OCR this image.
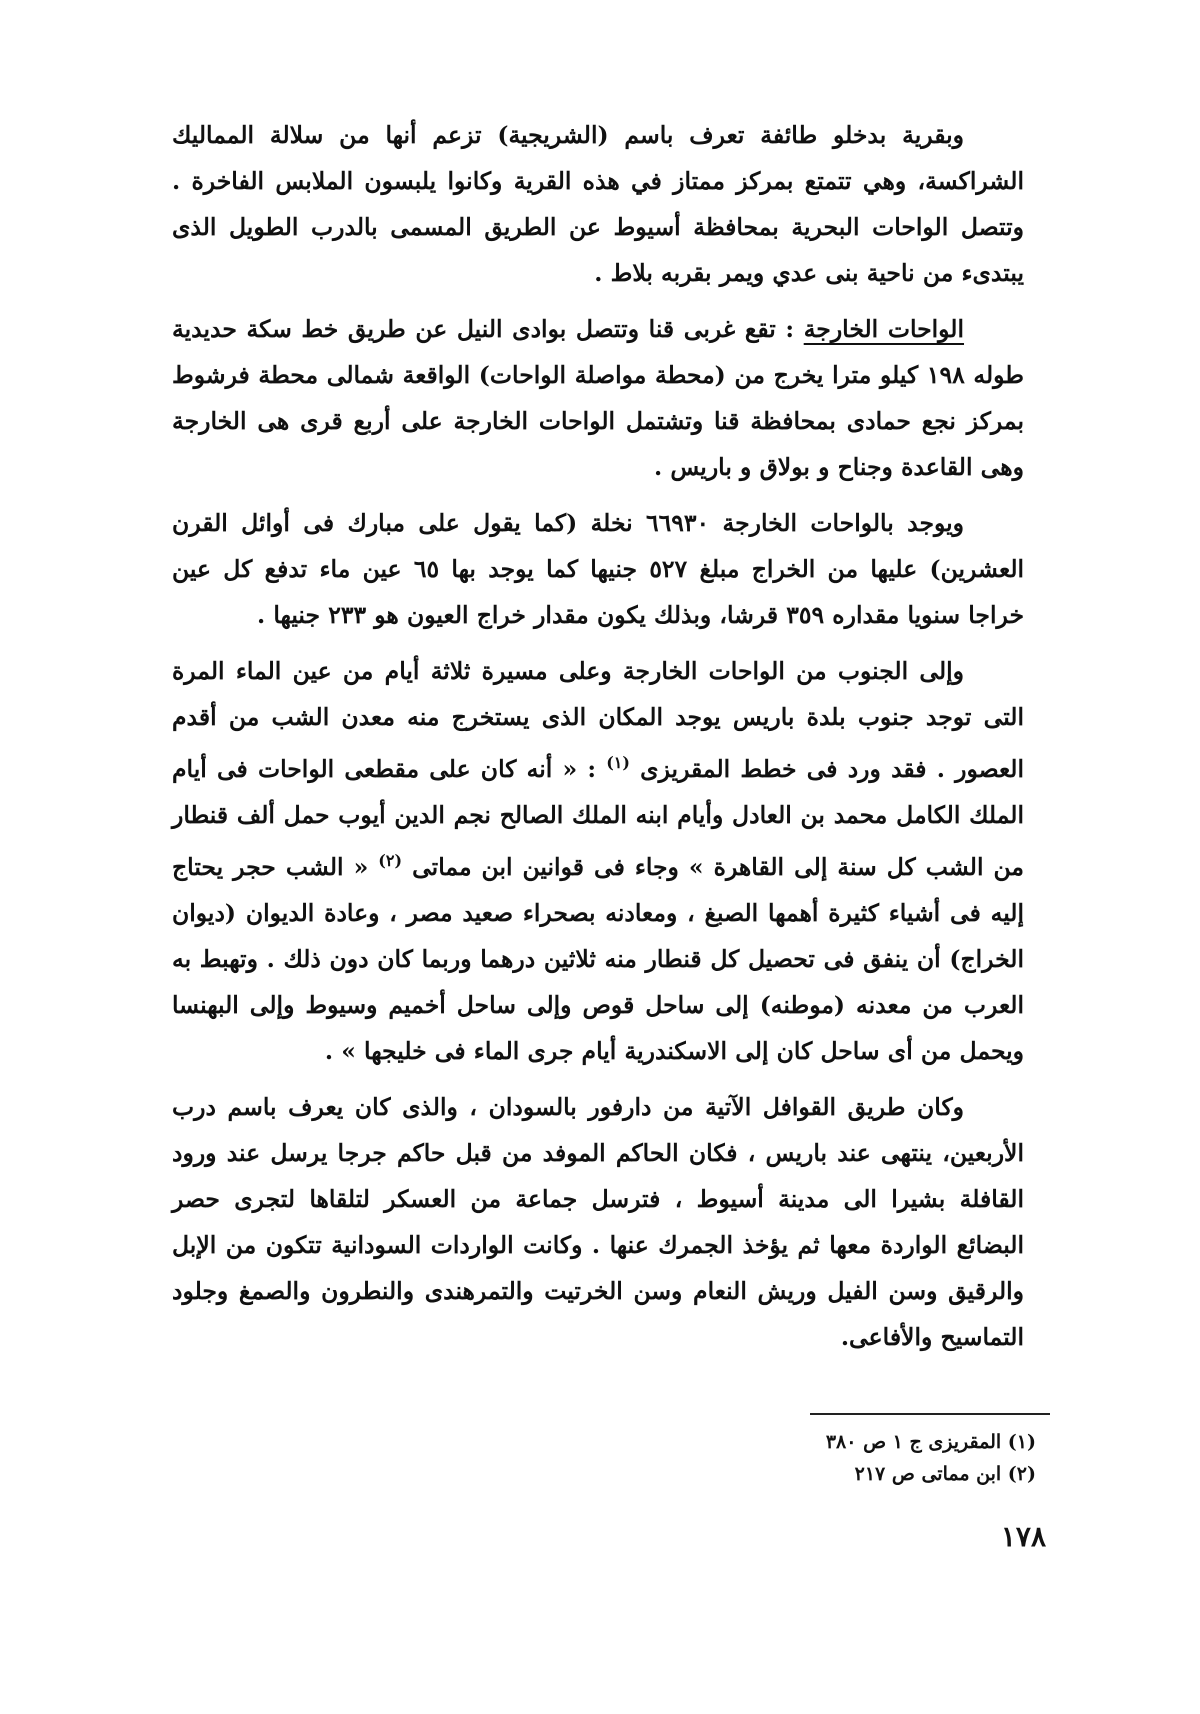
وبقرية بدخلو طائفة تعرف باسم (الشريجية) تزعم أنها من سلالة المماليك الشراكسة، وهي تتمتع بمركز ممتاز في هذه القرية وكانوا يلبسون الملابس الفاخرة . وتتصل الواحات البحرية بمحافظة أسيوط عن الطريق المسمى بالدرب الطويل الذى يبتدىء من ناحية بنى عدي ويمر بقربه بلاط .

الواحات الخارجة : تقع غربى قنا وتتصل بوادى النيل عن طريق خط سكة حديدية طوله ١٩٨ كيلو مترا يخرج من (محطة مواصلة الواحات) الواقعة شمالى محطة فرشوط بمركز نجع حمادى بمحافظة قنا وتشتمل الواحات الخارجة على أربع قرى هى الخارجة وهى القاعدة وجناح و بولاق و باريس .

ويوجد بالواحات الخارجة ٦٦٩٣٠ نخلة (كما يقول على مبارك فى أوائل القرن العشرين) عليها من الخراج مبلغ ٥٢٧ جنيها كما يوجد بها ٦٥ عين ماء تدفع كل عين خراجا سنويا مقداره ٣٥٩ قرشا، وبذلك يكون مقدار خراج العيون هو ٢٣٣ جنيها .

وإلى الجنوب من الواحات الخارجة وعلى مسيرة ثلاثة أيام من عين الماء المرة التى توجد جنوب بلدة باريس يوجد المكان الذى يستخرج منه معدن الشب من أقدم العصور . فقد ورد فى خطط المقريزى $^{(١)}$ : « أنه كان على مقطعى الواحات فى أيام الملك الكامل محمد بن العادل وأيام ابنه الملك الصالح نجم الدين أيوب حمل ألف قنطار من الشب كل سنة إلى القاهرة » وجاء فى قوانين ابن مماتى $^{(٢)}$ « الشب حجر يحتاج إليه فى أشياء كثيرة أهمها الصبغ ، ومعادنه بصحراء صعيد مصر ، وعادة الديوان (ديوان الخراج) أن ينفق فى تحصيل كل قنطار منه ثلاثين درهما وربما كان دون ذلك . وتهبط به العرب من معدنه (موطنه) إلى ساحل قوص وإلى ساحل أخميم وسيوط وإلى البهنسا ويحمل من أى ساحل كان إلى الاسكندرية أيام جرى الماء فى خليجها » .

وكان طريق القوافل الآتية من دارفور بالسودان ، والذى كان يعرف باسم درب الأربعين، ينتهى عند باريس ، فكان الحاكم الموفد من قبل حاكم جرجا يرسل عند ورود القافلة بشيرا الى مدينة أسيوط ، فترسل جماعة من العسكر لتلقاها لتجرى حصر البضائع الواردة معها ثم يؤخذ الجمرك عنها . وكانت الواردات السودانية تتكون من الإبل والرقيق وسن الفيل وريش النعام وسن الخرتيت والتمرهندى والنطرون والصمغ وجلود التماسيح والأفاعى.

(١) المقريزى ج ١ ص ٣٨٠

(٢) ابن مماتى ص ٢١٧

١٧٨
